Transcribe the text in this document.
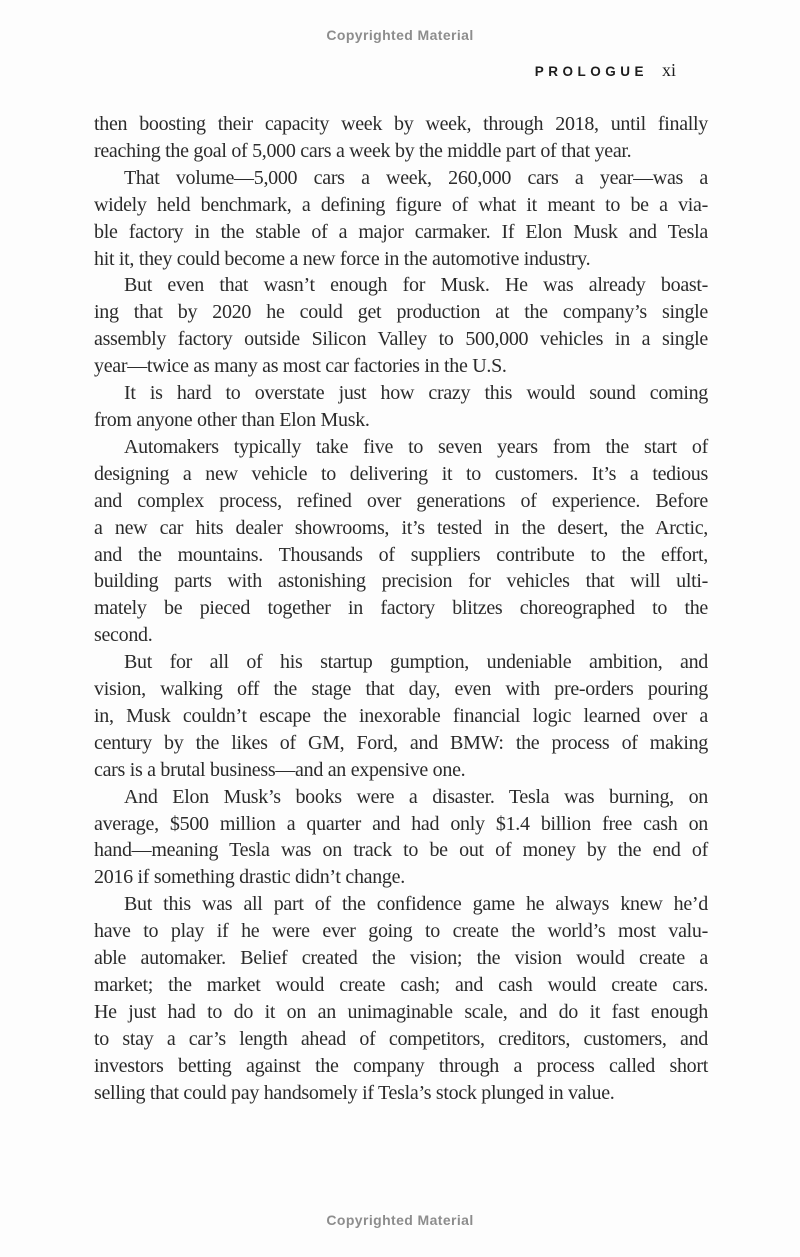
Copyrighted Material
PROLOGUE xi
then boosting their capacity week by week, through 2018, until finally
reaching the goal of 5,000 cars a week by the middle part of that year.
That volume—5,000 cars a week, 260,000 cars a year—was a
widely held benchmark, a defining figure of what it meant to be a via-
ble factory in the stable of a major carmaker. If Elon Musk and Tesla
hit it, they could become a new force in the automotive industry.
But even that wasn’t enough for Musk. He was already boast-
ing that by 2020 he could get production at the company’s single
assembly factory outside Silicon Valley to 500,000 vehicles in a single
year—twice as many as most car factories in the U.S.
It is hard to overstate just how crazy this would sound coming
from anyone other than Elon Musk.
Automakers typically take five to seven years from the start of
designing a new vehicle to delivering it to customers. It’s a tedious
and complex process, refined over generations of experience. Before
a new car hits dealer showrooms, it’s tested in the desert, the Arctic,
and the mountains. Thousands of suppliers contribute to the effort,
building parts with astonishing precision for vehicles that will ulti-
mately be pieced together in factory blitzes choreographed to the
second.
But for all of his startup gumption, undeniable ambition, and
vision, walking off the stage that day, even with pre-orders pouring
in, Musk couldn’t escape the inexorable financial logic learned over a
century by the likes of GM, Ford, and BMW: the process of making
cars is a brutal business—and an expensive one.
And Elon Musk’s books were a disaster. Tesla was burning, on
average, $500 million a quarter and had only $1.4 billion free cash on
hand—meaning Tesla was on track to be out of money by the end of
2016 if something drastic didn’t change.
But this was all part of the confidence game he always knew he’d
have to play if he were ever going to create the world’s most valu-
able automaker. Belief created the vision; the vision would create a
market; the market would create cash; and cash would create cars.
He just had to do it on an unimaginable scale, and do it fast enough
to stay a car’s length ahead of competitors, creditors, customers, and
investors betting against the company through a process called short
selling that could pay handsomely if Tesla’s stock plunged in value.
Copyrighted Material
